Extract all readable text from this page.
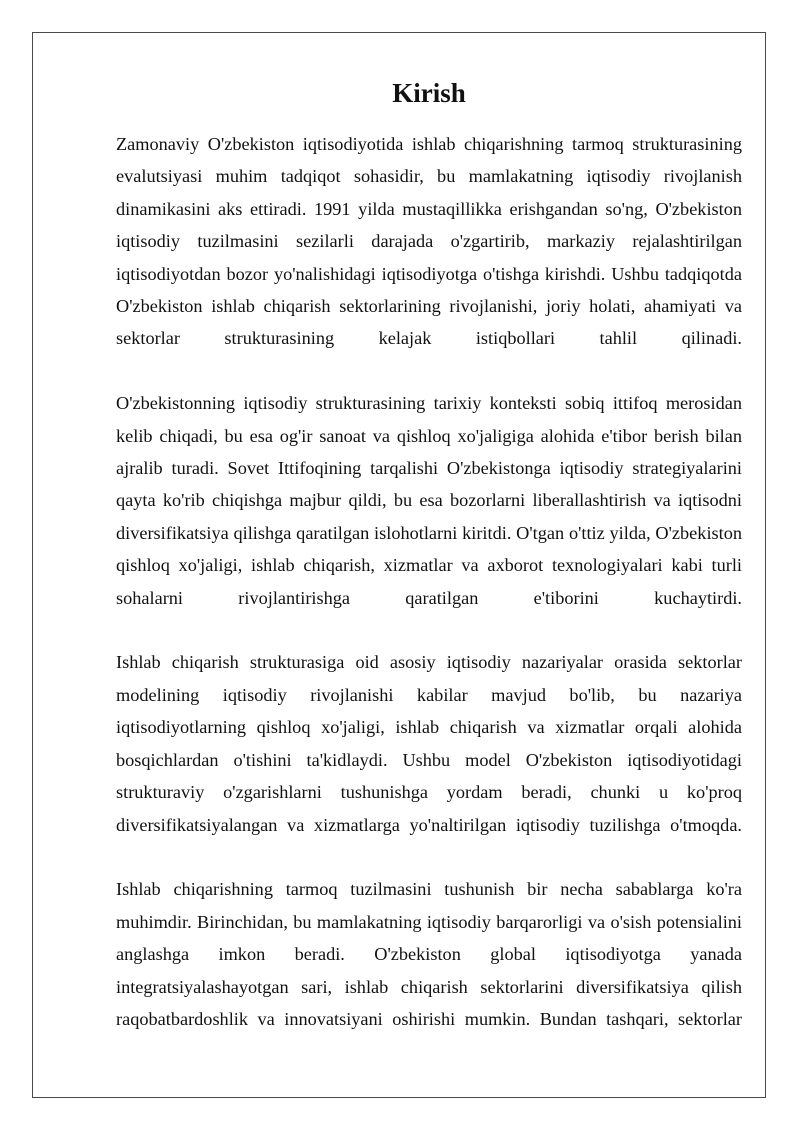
Kirish

Zamonaviy O'zbekiston iqtisodiyotida ishlab chiqarishning tarmoq strukturasining evalutsiyasi muhim tadqiqot sohasidir, bu mamlakatning iqtisodiy rivojlanish dinamikasini aks ettiradi. 1991 yilda mustaqillikka erishgandan so'ng, O'zbekiston iqtisodiy tuzilmasini sezilarli darajada o'zgartirib, markaziy rejalashtirilgan iqtisodiyotdan bozor yo'nalishidagi iqtisodiyotga o'tishga kirishdi. Ushbu tadqiqotda O'zbekiston ishlab chiqarish sektorlarining rivojlanishi, joriy holati, ahamiyati va sektorlar strukturasining kelajak istiqbollari tahlil qilinadi.

O'zbekistonning iqtisodiy strukturasining tarixiy konteksti sobiq ittifoq merosidan kelib chiqadi, bu esa og'ir sanoat va qishloq xo'jaligiga alohida e'tibor berish bilan ajralib turadi. Sovet Ittifoqining tarqalishi O'zbekistonga iqtisodiy strategiyalarini qayta ko'rib chiqishga majbur qildi, bu esa bozorlarni liberallashtirish va iqtisodni diversifikatsiya qilishga qaratilgan islohotlarni kiritdi. O'tgan o'ttiz yilda, O'zbekiston qishloq xo'jaligi, ishlab chiqarish, xizmatlar va axborot texnologiyalari kabi turli sohalarni rivojlantirishga qaratilgan e'tiborini kuchaytirdi.

Ishlab chiqarish strukturasiga oid asosiy iqtisodiy nazariyalar orasida sektorlar modelining iqtisodiy rivojlanishi kabilar mavjud bo'lib, bu nazariya iqtisodiyotlarning qishloq xo'jaligi, ishlab chiqarish va xizmatlar orqali alohida bosqichlardan o'tishini ta'kidlaydi. Ushbu model O'zbekiston iqtisodiyotidagi strukturaviy o'zgarishlarni tushunishga yordam beradi, chunki u ko'proq diversifikatsiyalangan va xizmatlarga yo'naltirilgan iqtisodiy tuzilishga o'tmoqda.

Ishlab chiqarishning tarmoq tuzilmasini tushunish bir necha sabablarga ko'ra muhimdir. Birinchidan, bu mamlakatning iqtisodiy barqarorligi va o'sish potensialini anglashga imkon beradi. O'zbekiston global iqtisodiyotga yanada integratsiyalashayotgan sari, ishlab chiqarish sektorlarini diversifikatsiya qilish raqobatbardoshlik va innovatsiyani oshirishi mumkin. Bundan tashqari, sektorlar
